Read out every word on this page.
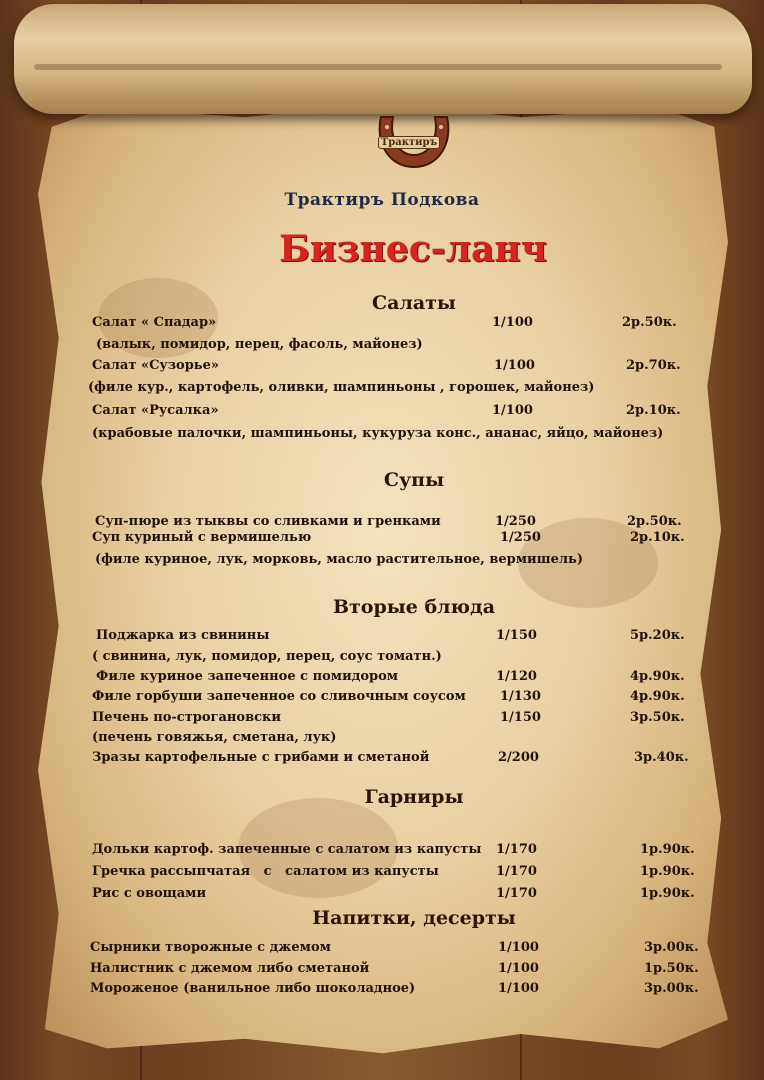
Трактиръ
Трактиръ Подкова
Бизнес-ланч
Салаты
Салат « Спадар»	1/100	2р.50к.
(валык, помидор, перец, фасоль, майонез)
Салат «Сузорье»	1/100	2р.70к.
(филе кур., картофель, оливки, шампиньоны , горошек, майонез)
Салат «Русалка»	1/100	2р.10к.
(крабовые палочки, шампиньоны, кукуруза конс., ананас, яйцо, майонез)
Супы
Суп-пюре из тыквы со сливками и гренками	1/250	2р.50к.
Суп куриный с вермишелью	1/250	2р.10к.
(филе куриное, лук, морковь, масло растительное, вермишель)
Вторые блюда
Поджарка из свинины	1/150	5р.20к.
( свинина, лук, помидор, перец, соус томатн.)
Филе куриное запеченное с помидором	1/120	4р.90к.
Филе горбуши запеченное со сливочным соусом	1/130	4р.90к.
Печень по-строгановски	1/150	3р.50к.
(печень говяжья, сметана, лук)
Зразы картофельные с грибами и сметаной	2/200	3р.40к.
Гарниры
Дольки картоф. запеченные с салатом из капусты 1/170	1р.90к.
Гречка рассыпчатая   с   салатом из капусты	1/170	1р.90к.
Рис с овощами	1/170	1р.90к.
Напитки, десерты
Сырники творожные с джемом	1/100	3р.00к.
Налистник с джемом либо сметаной	1/100	1р.50к.
Мороженое (ванильное либо шоколадное)	1/100	3р.00к.
